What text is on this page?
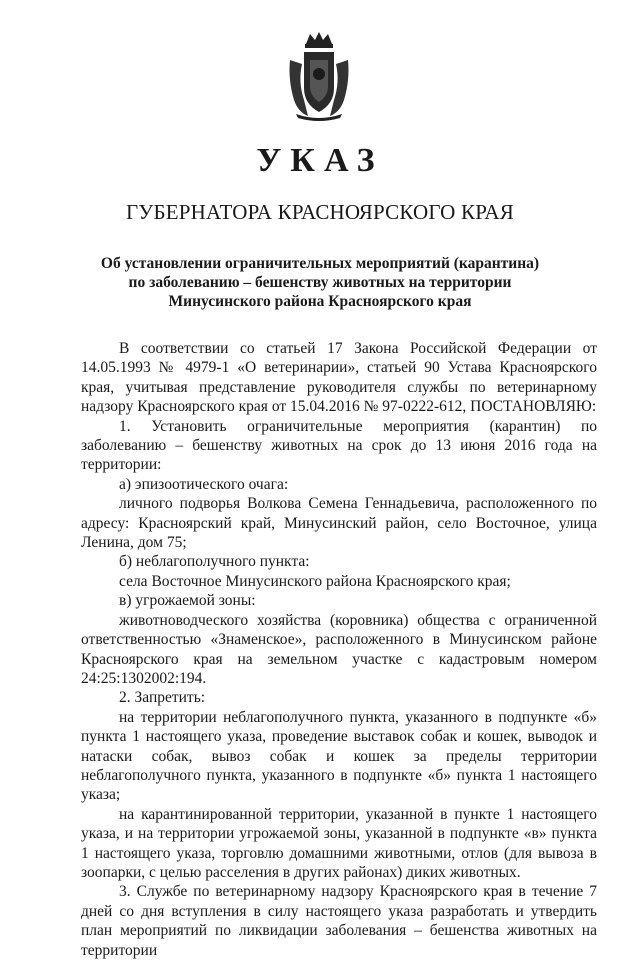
УКАЗ
ГУБЕРНАТОРА КРАСНОЯРСКОГО КРАЯ
Об установлении ограничительных мероприятий (карантина)
по заболеванию – бешенству животных на территории
Минусинского района Красноярского края

В соответствии со статьей 17 Закона Российской Федерации от 14.05.1993 № 4979-1 «О ветеринарии», статьей 90 Устава Красноярского края, учитывая представление руководителя службы по ветеринарному надзору Красноярского края от 15.04.2016 № 97-0222-612, ПОСТАНОВЛЯЮ:

1. Установить ограничительные мероприятия (карантин) по заболеванию – бешенству животных на срок до 13 июня 2016 года на территории:

а) эпизоотического очага:

личного подворья Волкова Семена Геннадьевича, расположенного по адресу: Красноярский край, Минусинский район, село Восточное, улица Ленина, дом 75;

б) неблагополучного пункта:

села Восточное Минусинского района Красноярского края;

в) угрожаемой зоны:

животноводческого хозяйства (коровника) общества с ограниченной ответственностью «Знаменское», расположенного в Минусинском районе Красноярского края на земельном участке с кадастровым номером 24:25:1302002:194.

2. Запретить:

на территории неблагополучного пункта, указанного в подпункте «б» пункта 1 настоящего указа, проведение выставок собак и кошек, выводок и натаски собак, вывоз собак и кошек за пределы территории неблагополучного пункта, указанного в подпункте «б» пункта 1 настоящего указа;

на карантинированной территории, указанной в пункте 1 настоящего указа, и на территории угрожаемой зоны, указанной в подпункте «в» пункта 1 настоящего указа, торговлю домашними животными, отлов (для вывоза в зоопарки, с целью расселения в других районах) диких животных.

3. Службе по ветеринарному надзору Красноярского края в течение 7 дней со дня вступления в силу настоящего указа разработать и утвердить план мероприятий по ликвидации заболевания – бешенства животных на территории
